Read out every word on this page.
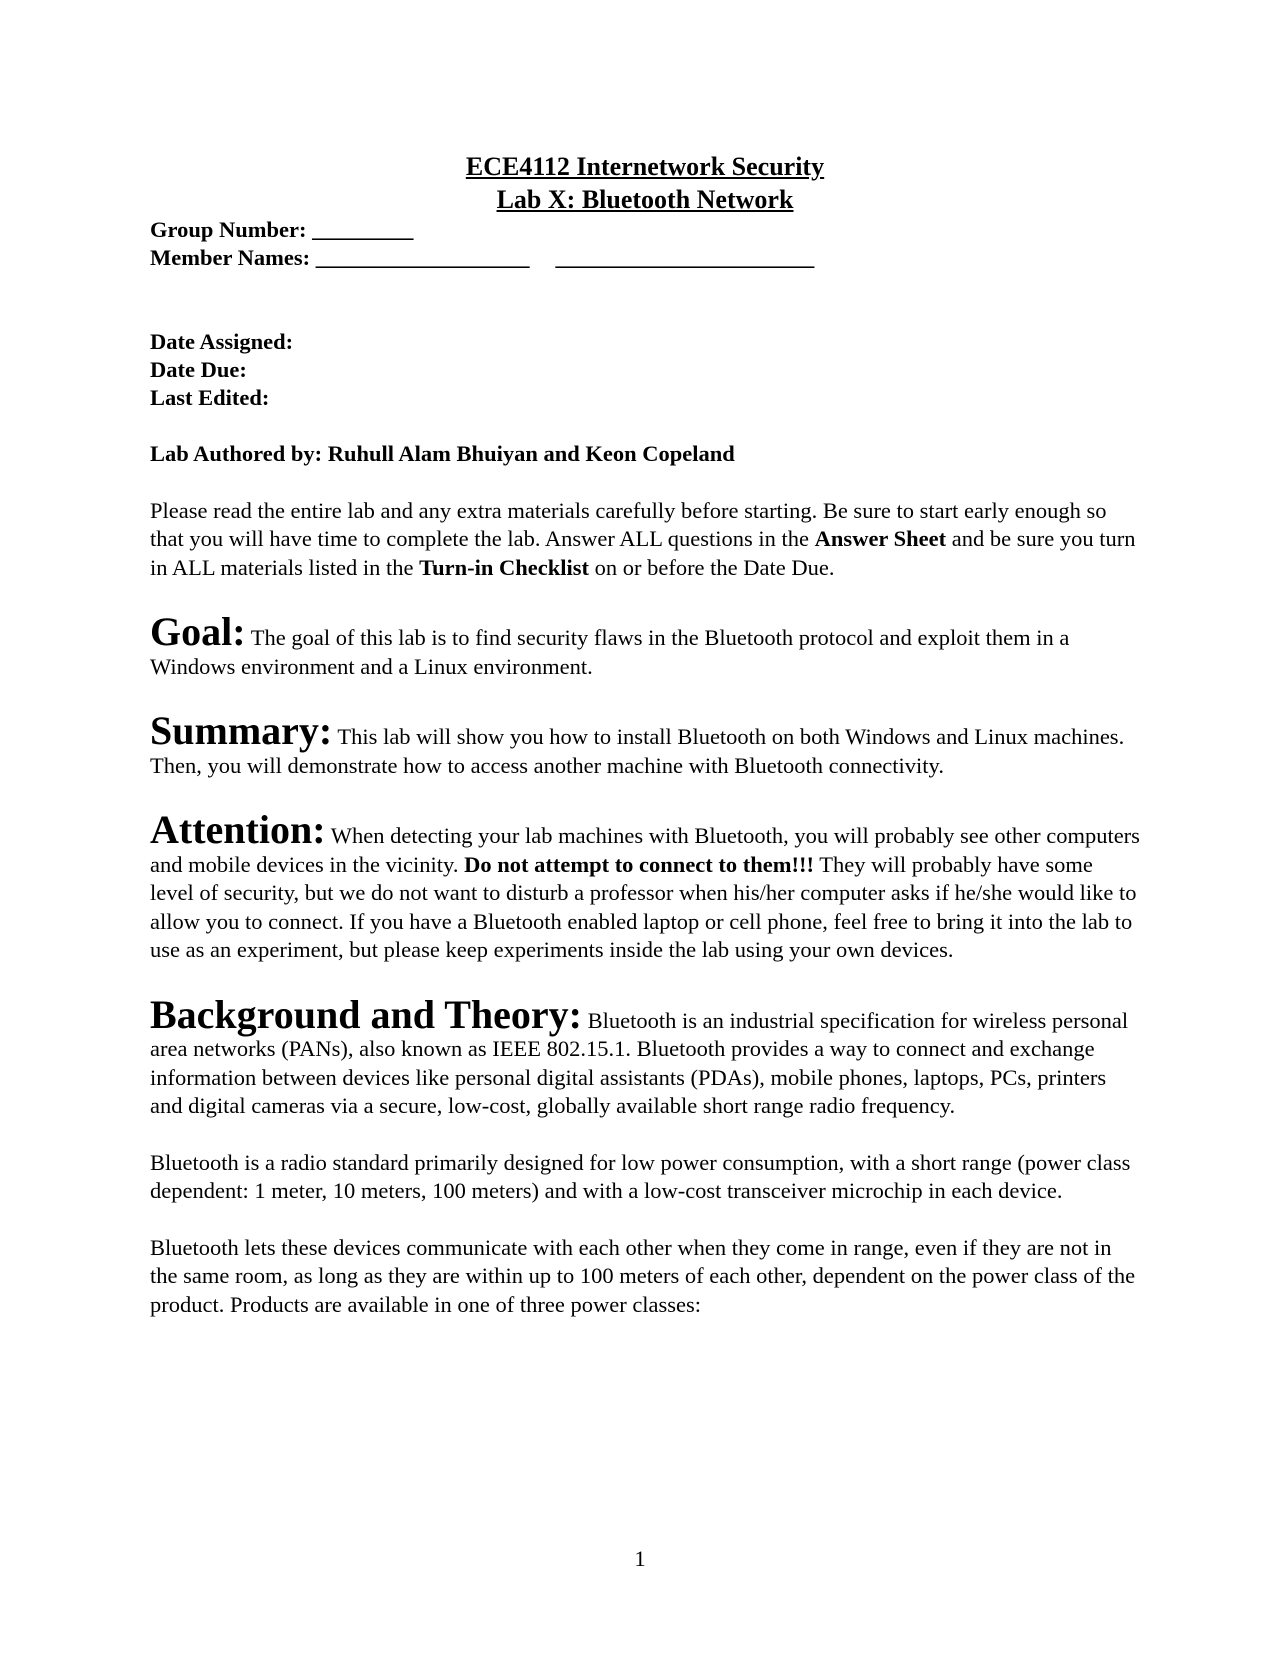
ECE4112 Internetwork Security
Lab X: Bluetooth Network
Group Number: _________
Member Names: ___________________ _______________________
Date Assigned:
Date Due:
Last Edited:

Lab Authored by: Ruhull Alam Bhuiyan and Keon Copeland

Please read the entire lab and any extra materials carefully before starting. Be sure to start early enough so that you will have time to complete the lab. Answer ALL questions in the Answer Sheet and be sure you turn in ALL materials listed in the Turn-in Checklist on or before the Date Due.

Goal: The goal of this lab is to find security flaws in the Bluetooth protocol and exploit them in a Windows environment and a Linux environment.

Summary: This lab will show you how to install Bluetooth on both Windows and Linux machines. Then, you will demonstrate how to access another machine with Bluetooth connectivity.

Attention: When detecting your lab machines with Bluetooth, you will probably see other computers and mobile devices in the vicinity. Do not attempt to connect to them!!! They will probably have some level of security, but we do not want to disturb a professor when his/her computer asks if he/she would like to allow you to connect. If you have a Bluetooth enabled laptop or cell phone, feel free to bring it into the lab to use as an experiment, but please keep experiments inside the lab using your own devices.

Background and Theory: Bluetooth is an industrial specification for wireless personal area networks (PANs), also known as IEEE 802.15.1. Bluetooth provides a way to connect and exchange information between devices like personal digital assistants (PDAs), mobile phones, laptops, PCs, printers and digital cameras via a secure, low-cost, globally available short range radio frequency.

Bluetooth is a radio standard primarily designed for low power consumption, with a short range (power class dependent: 1 meter, 10 meters, 100 meters) and with a low-cost transceiver microchip in each device.

Bluetooth lets these devices communicate with each other when they come in range, even if they are not in the same room, as long as they are within up to 100 meters of each other, dependent on the power class of the product. Products are available in one of three power classes:

1
